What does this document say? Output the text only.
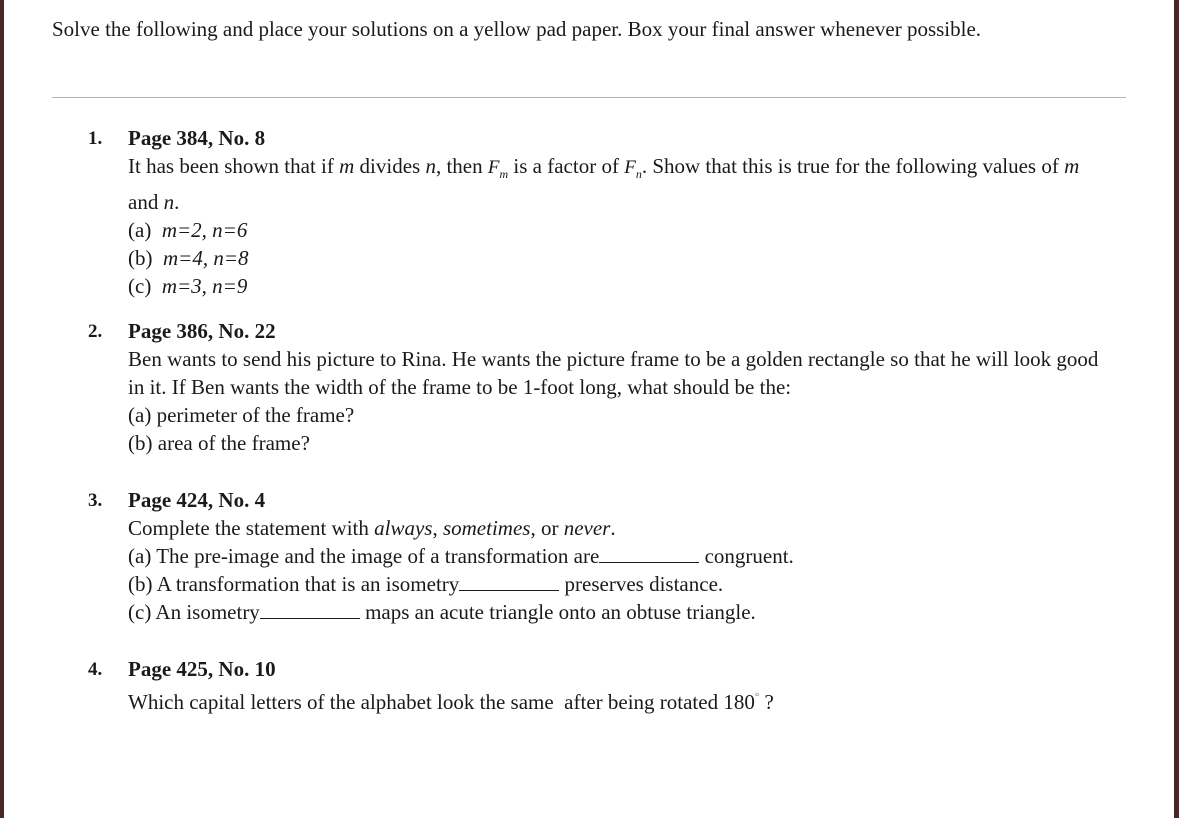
Solve the following and place your solutions on a yellow pad paper. Box your final answer whenever possible.
1.	Page 384, No. 8
It has been shown that if m divides n, then $F_m$ is a factor of $F_n$. Show that this is true for the following values of m and n.
(a) m=2, n=6
(b) m=4, n=8
(c) m=3, n=9
2.	Page 386, No. 22
Ben wants to send his picture to Rina. He wants the picture frame to be a golden rectangle so that he will look good in it. If Ben wants the width of the frame to be 1-foot long, what should be the:
(a) perimeter of the frame?
(b) area of the frame?
3.	Page 424, No. 4
Complete the statement with always, sometimes, or never.
(a) The pre-image and the image of a transformation are	congruent.
(b) A transformation that is an isometry	preserves distance.
(c) An isometry	maps an acute triangle onto an obtuse triangle.
4.	Page 425, No. 10
Which capital letters of the alphabet look the same  after being rotated 180° ?
